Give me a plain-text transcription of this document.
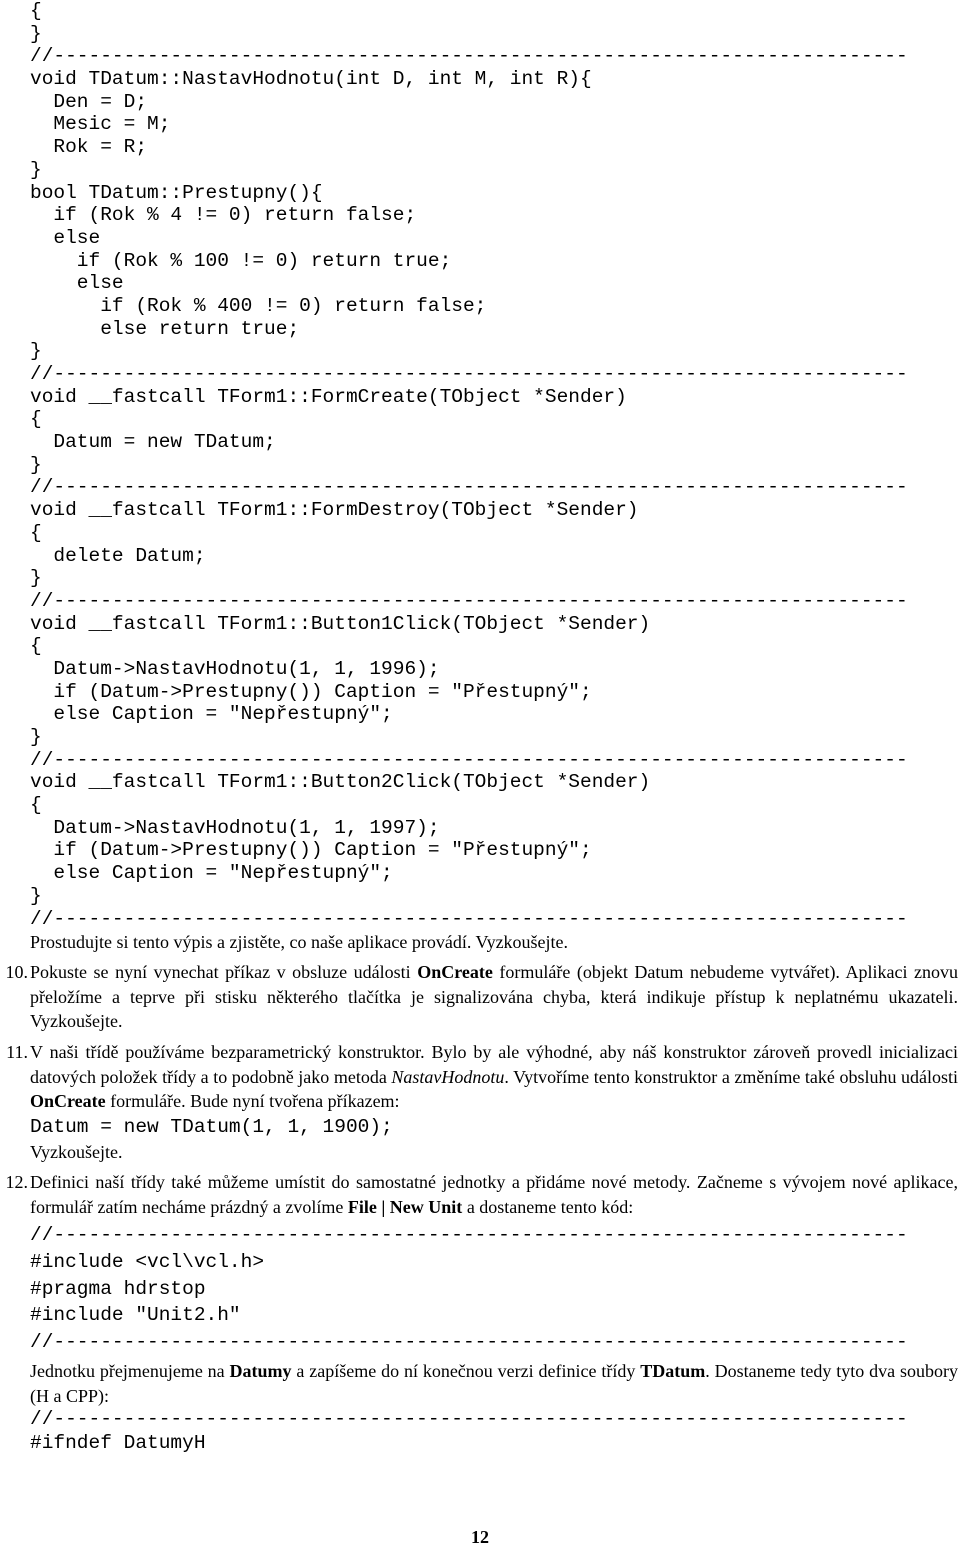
{
}
//-------------------------------------------------------------------------
void TDatum::NastavHodnotu(int D, int M, int R){
Den = D;
Mesic = M;
Rok = R;
}
bool TDatum::Prestupny(){
if (Rok % 4 != 0) return false;
else
if (Rok % 100 != 0) return true;
else
if (Rok % 400 != 0) return false;
else return true;
}
//-------------------------------------------------------------------------
void __fastcall TForm1::FormCreate(TObject *Sender)
{
Datum = new TDatum;
}
//-------------------------------------------------------------------------
void __fastcall TForm1::FormDestroy(TObject *Sender)
{
delete Datum;
}
//-------------------------------------------------------------------------
void __fastcall TForm1::Button1Click(TObject *Sender)
{
Datum->NastavHodnotu(1, 1, 1996);
if (Datum->Prestupny()) Caption = "Přestupný";
else Caption = "Nepřestupný";
}
//-------------------------------------------------------------------------
void __fastcall TForm1::Button2Click(TObject *Sender)
{
Datum->NastavHodnotu(1, 1, 1997);
if (Datum->Prestupny()) Caption = "Přestupný";
else Caption = "Nepřestupný";
}
//-------------------------------------------------------------------------
Prostudujte si tento výpis a zjistěte, co naše aplikace provádí. Vyzkoušejte.
10. Pokuste se nyní vynechat příkaz v obsluze události OnCreate formuláře (objekt Datum nebudeme vytvářet). Aplikaci znovu přeložíme a teprve při stisku některého tlačítka je signalizována chyba, která indikuje přístup k neplatnému ukazateli. Vyzkoušejte.
11. V naši třídě používáme bezparametrický konstruktor. Bylo by ale výhodné, aby náš konstruktor zároveň provedl inicializaci datových položek třídy a to podobně jako metoda NastavHodnotu. Vytvoříme tento konstruktor a změníme také obsluhu události OnCreate formuláře. Bude nyní tvořena příkazem:
Datum = new TDatum(1, 1, 1900);
Vyzkoušejte.
12. Definici naší třídy také můžeme umístit do samostatné jednotky a přidáme nové metody. Začneme s vývojem nové aplikace, formulář zatím necháme prázdný a zvolíme File | New Unit a dostaneme tento kód:
//-------------------------------------------------------------------------
#include <vcl\vcl.h>
#pragma hdrstop
#include "Unit2.h"
//-------------------------------------------------------------------------
Jednotku přejmenujeme na Datumy a zapíšeme do ní konečnou verzi definice třídy TDatum. Dostaneme tedy tyto dva soubory (H a CPP):
//-------------------------------------------------------------------------
#ifndef DatumyH
12
